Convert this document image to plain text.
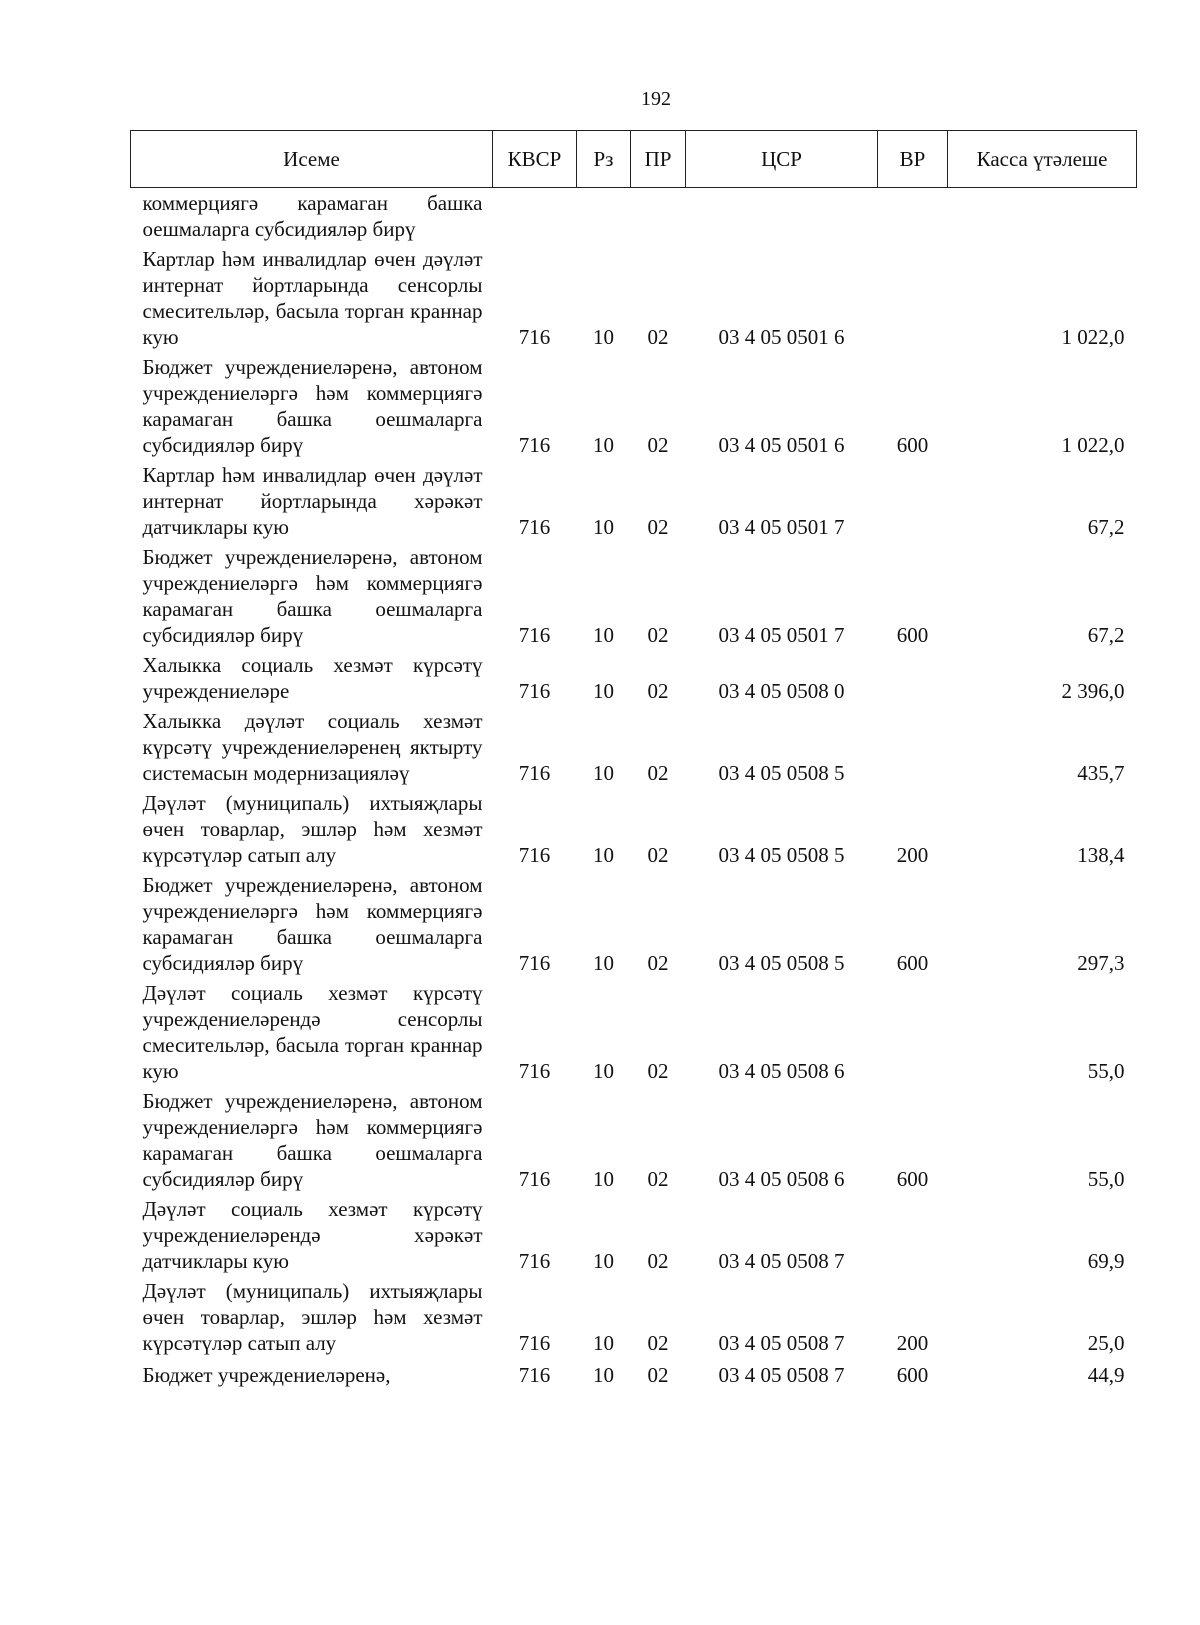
192
Исеме	КВСР	Рз	ПР	ЦСР	ВР	Касса үтәлеше
коммерциягә карамаган башка оешмаларга субсидияләр бирү						
Картлар һәм инвалидлар өчен дәүләт интернат йортларында сенсорлы смесительләр, басыла торган краннар кую	716	10	02	03 4 05 0501 6		1 022,0
Бюджет учреждениеләренә, автоном учреждениеләргә һәм коммерциягә карамаган башка оешмаларга субсидияләр бирү	716	10	02	03 4 05 0501 6	600	1 022,0
Картлар һәм инвалидлар өчен дәүләт интернат йортларында хәрәкәт датчиклары кую	716	10	02	03 4 05 0501 7		67,2
Бюджет учреждениеләренә, автоном учреждениеләргә һәм коммерциягә карамаган башка оешмаларга субсидияләр бирү	716	10	02	03 4 05 0501 7	600	67,2
Халыкка социаль хезмәт күрсәтү учреждениеләре	716	10	02	03 4 05 0508 0		2 396,0
Халыкка дәүләт социаль хезмәт күрсәтү учреждениеләренең яктырту системасын модернизацияләү	716	10	02	03 4 05 0508 5		435,7
Дәүләт (муниципаль) ихтыяҗлары өчен товарлар, эшләр һәм хезмәт күрсәтүләр сатып алу	716	10	02	03 4 05 0508 5	200	138,4
Бюджет учреждениеләренә, автоном учреждениеләргә һәм коммерциягә карамаган башка оешмаларга субсидияләр бирү	716	10	02	03 4 05 0508 5	600	297,3
Дәүләт социаль хезмәт күрсәтү учреждениеләрендә сенсорлы смесительләр, басыла торган краннар кую	716	10	02	03 4 05 0508 6		55,0
Бюджет учреждениеләренә, автоном учреждениеләргә һәм коммерциягә карамаган башка оешмаларга субсидияләр бирү	716	10	02	03 4 05 0508 6	600	55,0
Дәүләт социаль хезмәт күрсәтү учреждениеләрендә хәрәкәт датчиклары кую	716	10	02	03 4 05 0508 7		69,9
Дәүләт (муниципаль) ихтыяҗлары өчен товарлар, эшләр һәм хезмәт күрсәтүләр сатып алу	716	10	02	03 4 05 0508 7	200	25,0
Бюджет учреждениеләренә,	716	10	02	03 4 05 0508 7	600	44,9
